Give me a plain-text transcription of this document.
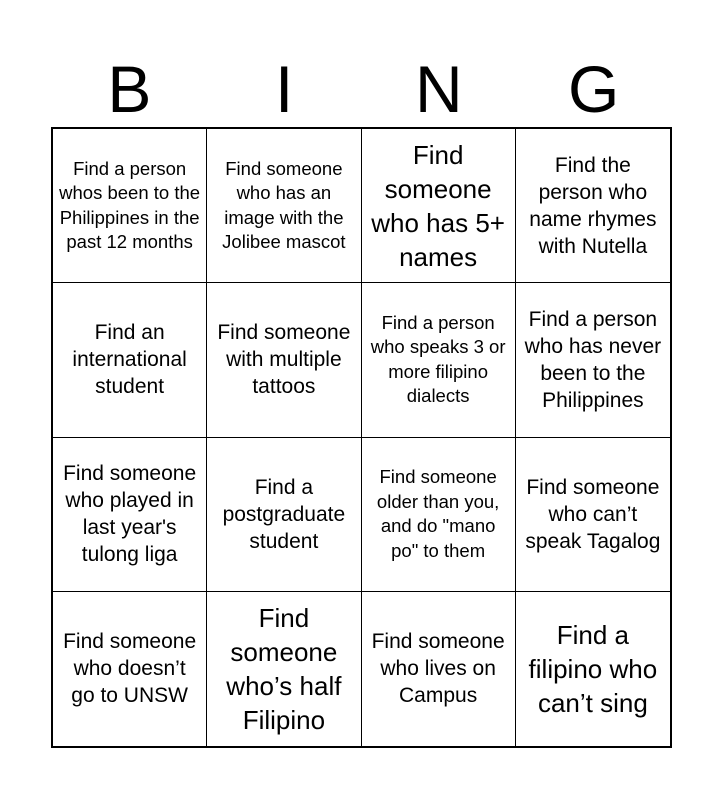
B	I	N	G
Find a person whos been to the Philippines in the past 12 months
Find someone who has an image with the Jolibee mascot
Find someone who has 5+ names
Find the person who name rhymes with Nutella
Find an international student
Find someone with multiple tattoos
Find a person who speaks 3 or more filipino dialects
Find a person who has never been to the Philippines
Find someone who played in last year's tulong liga
Find a postgraduate student
Find someone older than you, and do "mano po" to them
Find someone who can’t speak Tagalog
Find someone who doesn’t go to UNSW
Find someone who’s half Filipino
Find someone who lives on Campus
Find a filipino who can’t sing
